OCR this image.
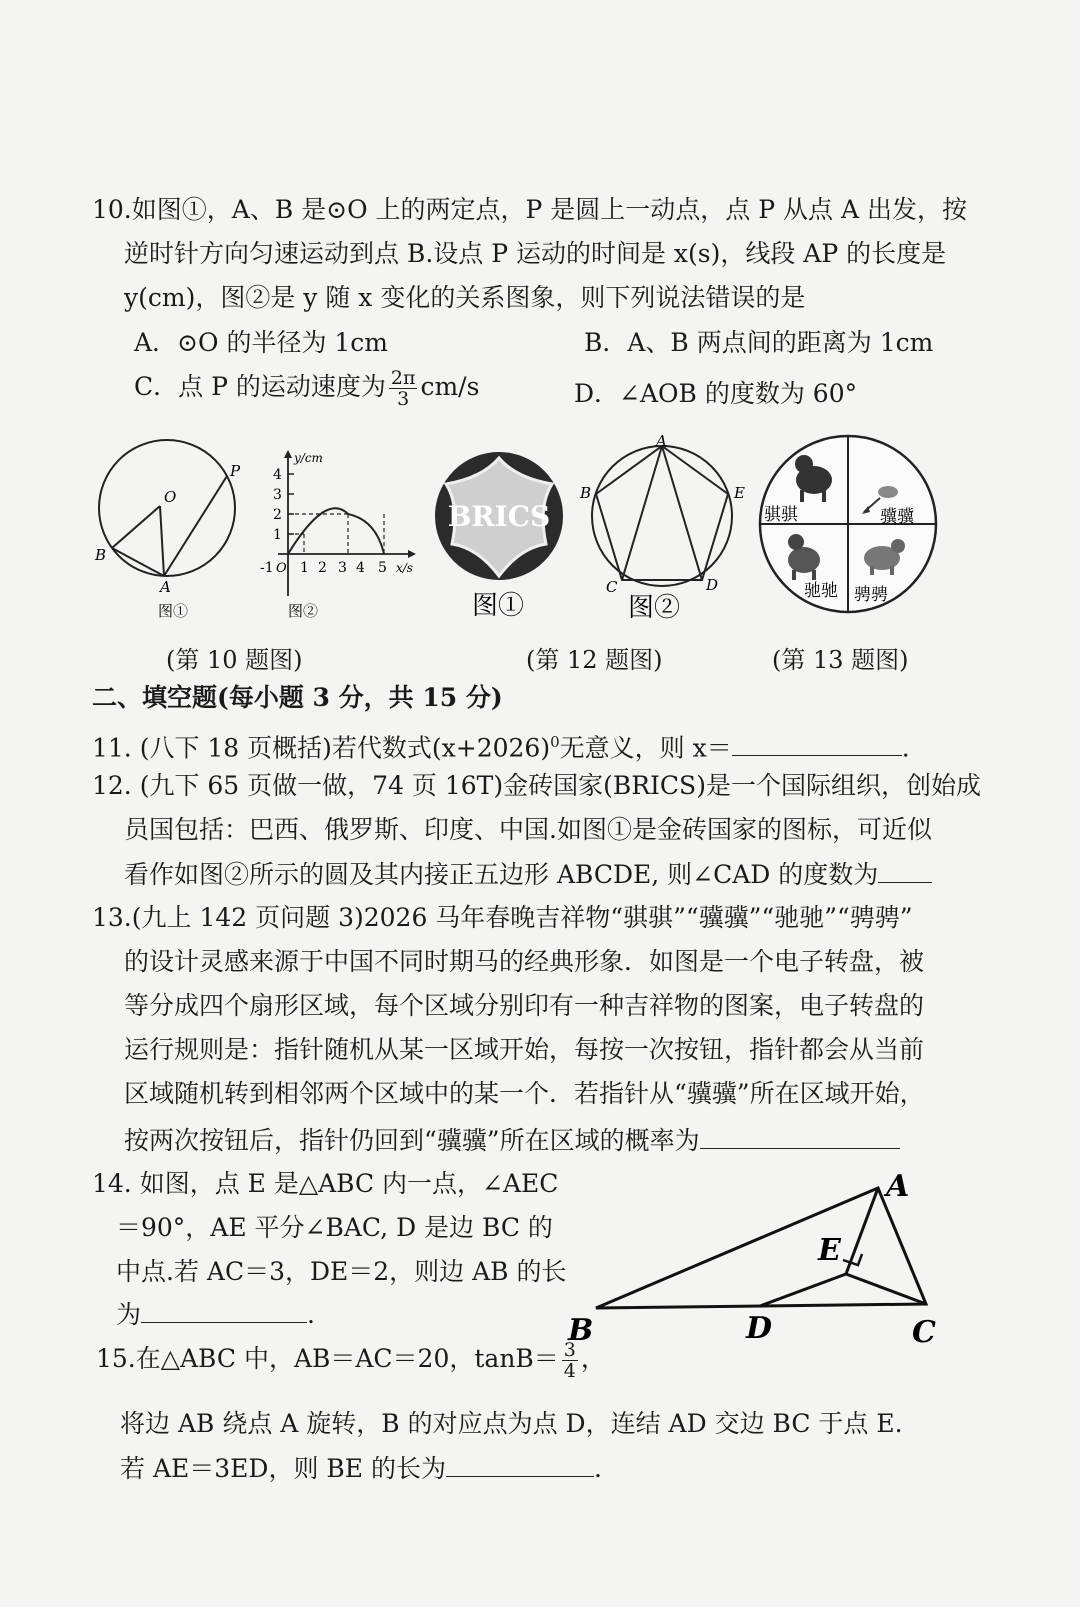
10.如图①，A、B 是⊙O 上的两定点，P 是圆上一动点，点 P 从点 A 出发，按
逆时针方向匀速运动到点 B.设点 P 运动的时间是 x(s)，线段 AP 的长度是
y(cm)，图②是 y 随 x 变化的关系图象，则下列说法错误的是
A．⊙O 的半径为 1cm	B．A、B 两点间的距离为 1cm
C．点 P 的运动速度为 $\frac{2\pi}{3} cm/s$	D．∠AOB 的度数为 60°
O
P
B
A
图①
y/cm
x/s
4
3
2
1
-1 O 1 2 3 4 5
图②
BRICS
图①
A
B	E
C	D
图②
骐骐	骥骥
驰驰 骋骋
(第 10 题图)	(第 12 题图)	(第 13 题图)
二、填空题(每小题 3 分，共 15 分)
11. (八下 18 页概括)若代数式$(x+2026)^0$无意义，则 x＝	.
12. (九下 65 页做一做，74 页 16T)金砖国家(BRICS)是一个国际组织，创始成
员国包括：巴西、俄罗斯、印度、中国.如图①是金砖国家的图标，可近似
看作如图②所示的圆及其内接正五边形 ABCDE, 则∠CAD 的度数为
13.(九上 142 页问题 3)2026 马年春晚吉祥物“骐骐”“骥骥”“驰驰”“骋骋”
的设计灵感来源于中国不同时期马的经典形象．如图是一个电子转盘，被
等分成四个扇形区域，每个区域分别印有一种吉祥物的图案，电子转盘的
运行规则是：指针随机从某一区域开始，每按一次按钮，指针都会从当前
区域随机转到相邻两个区域中的某一个．若指针从“骥骥”所在区域开始，
按两次按钮后，指针仍回到“骥骥”所在区域的概率为
14. 如图，点 E 是△ABC 内一点，∠AEC
＝90°，AE 平分∠BAC, D 是边 BC 的
中点.若 AC＝3，DE＝2，则边 AB 的长
为	.
A
E
B	D	C
15.在△ABC 中，AB＝AC＝20，$\tan B= \frac{3}{4}$ ，
将边 AB 绕点 A 旋转，B 的对应点为点 D，连结 AD 交边 BC 于点 E.
若 AE＝3ED，则 BE 的长为	.
